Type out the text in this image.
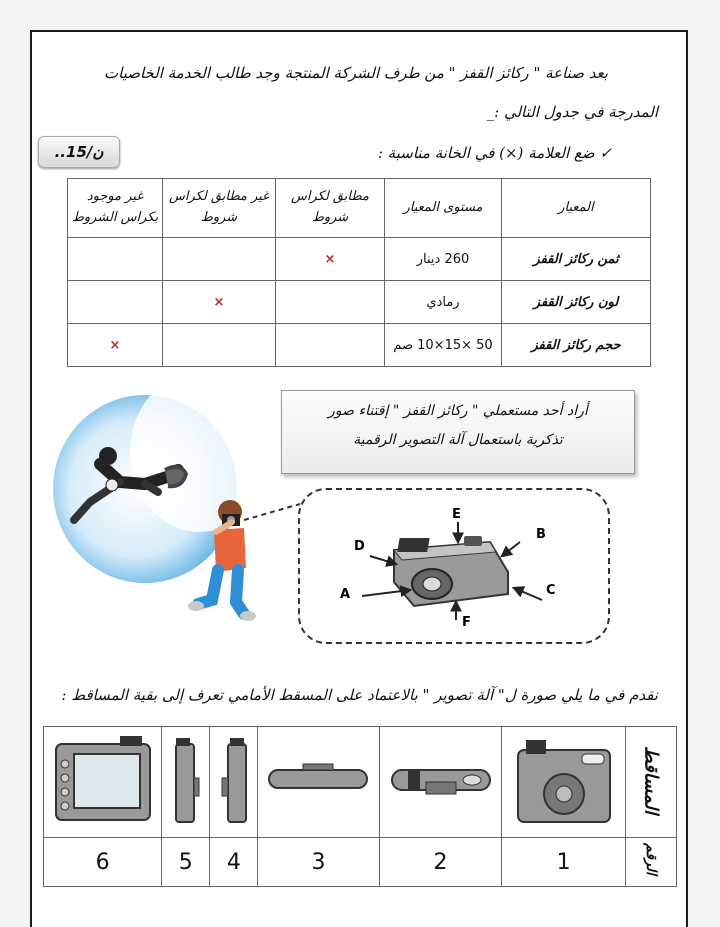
بعد صناعة " ركائز القفز " من طرف الشركة المنتجة وجد طالب الخدمة الخاصيات
المدرجة في جدول التالي :_
..ن/15	✓ ضع العلامة (×) في الخانة مناسبة :
المعيار	مستوى المعيار	مطابق لكراس شروط	غير مطابق لكراس شروط	غير موجود بكراس الشروط
ثمن ركائز القفز	260 دينار	×		
لون ركائز القفز	رمادي		×	
حجم ركائز القفز	50 ×15×10 صم			×
أراد أحد مستعملي " ركائز القفز " إقتناء صور
تذكرية باستعمال آلة التصوير الرقمية
A
B
C
D
E
F
نقدم في ما يلي صورة ل" آلة تصوير " بالاعتماد على المسقط الأمامي تعرف إلى بقية المساقط :
						المساقط
6	5	4	3	2	1	الرقم
